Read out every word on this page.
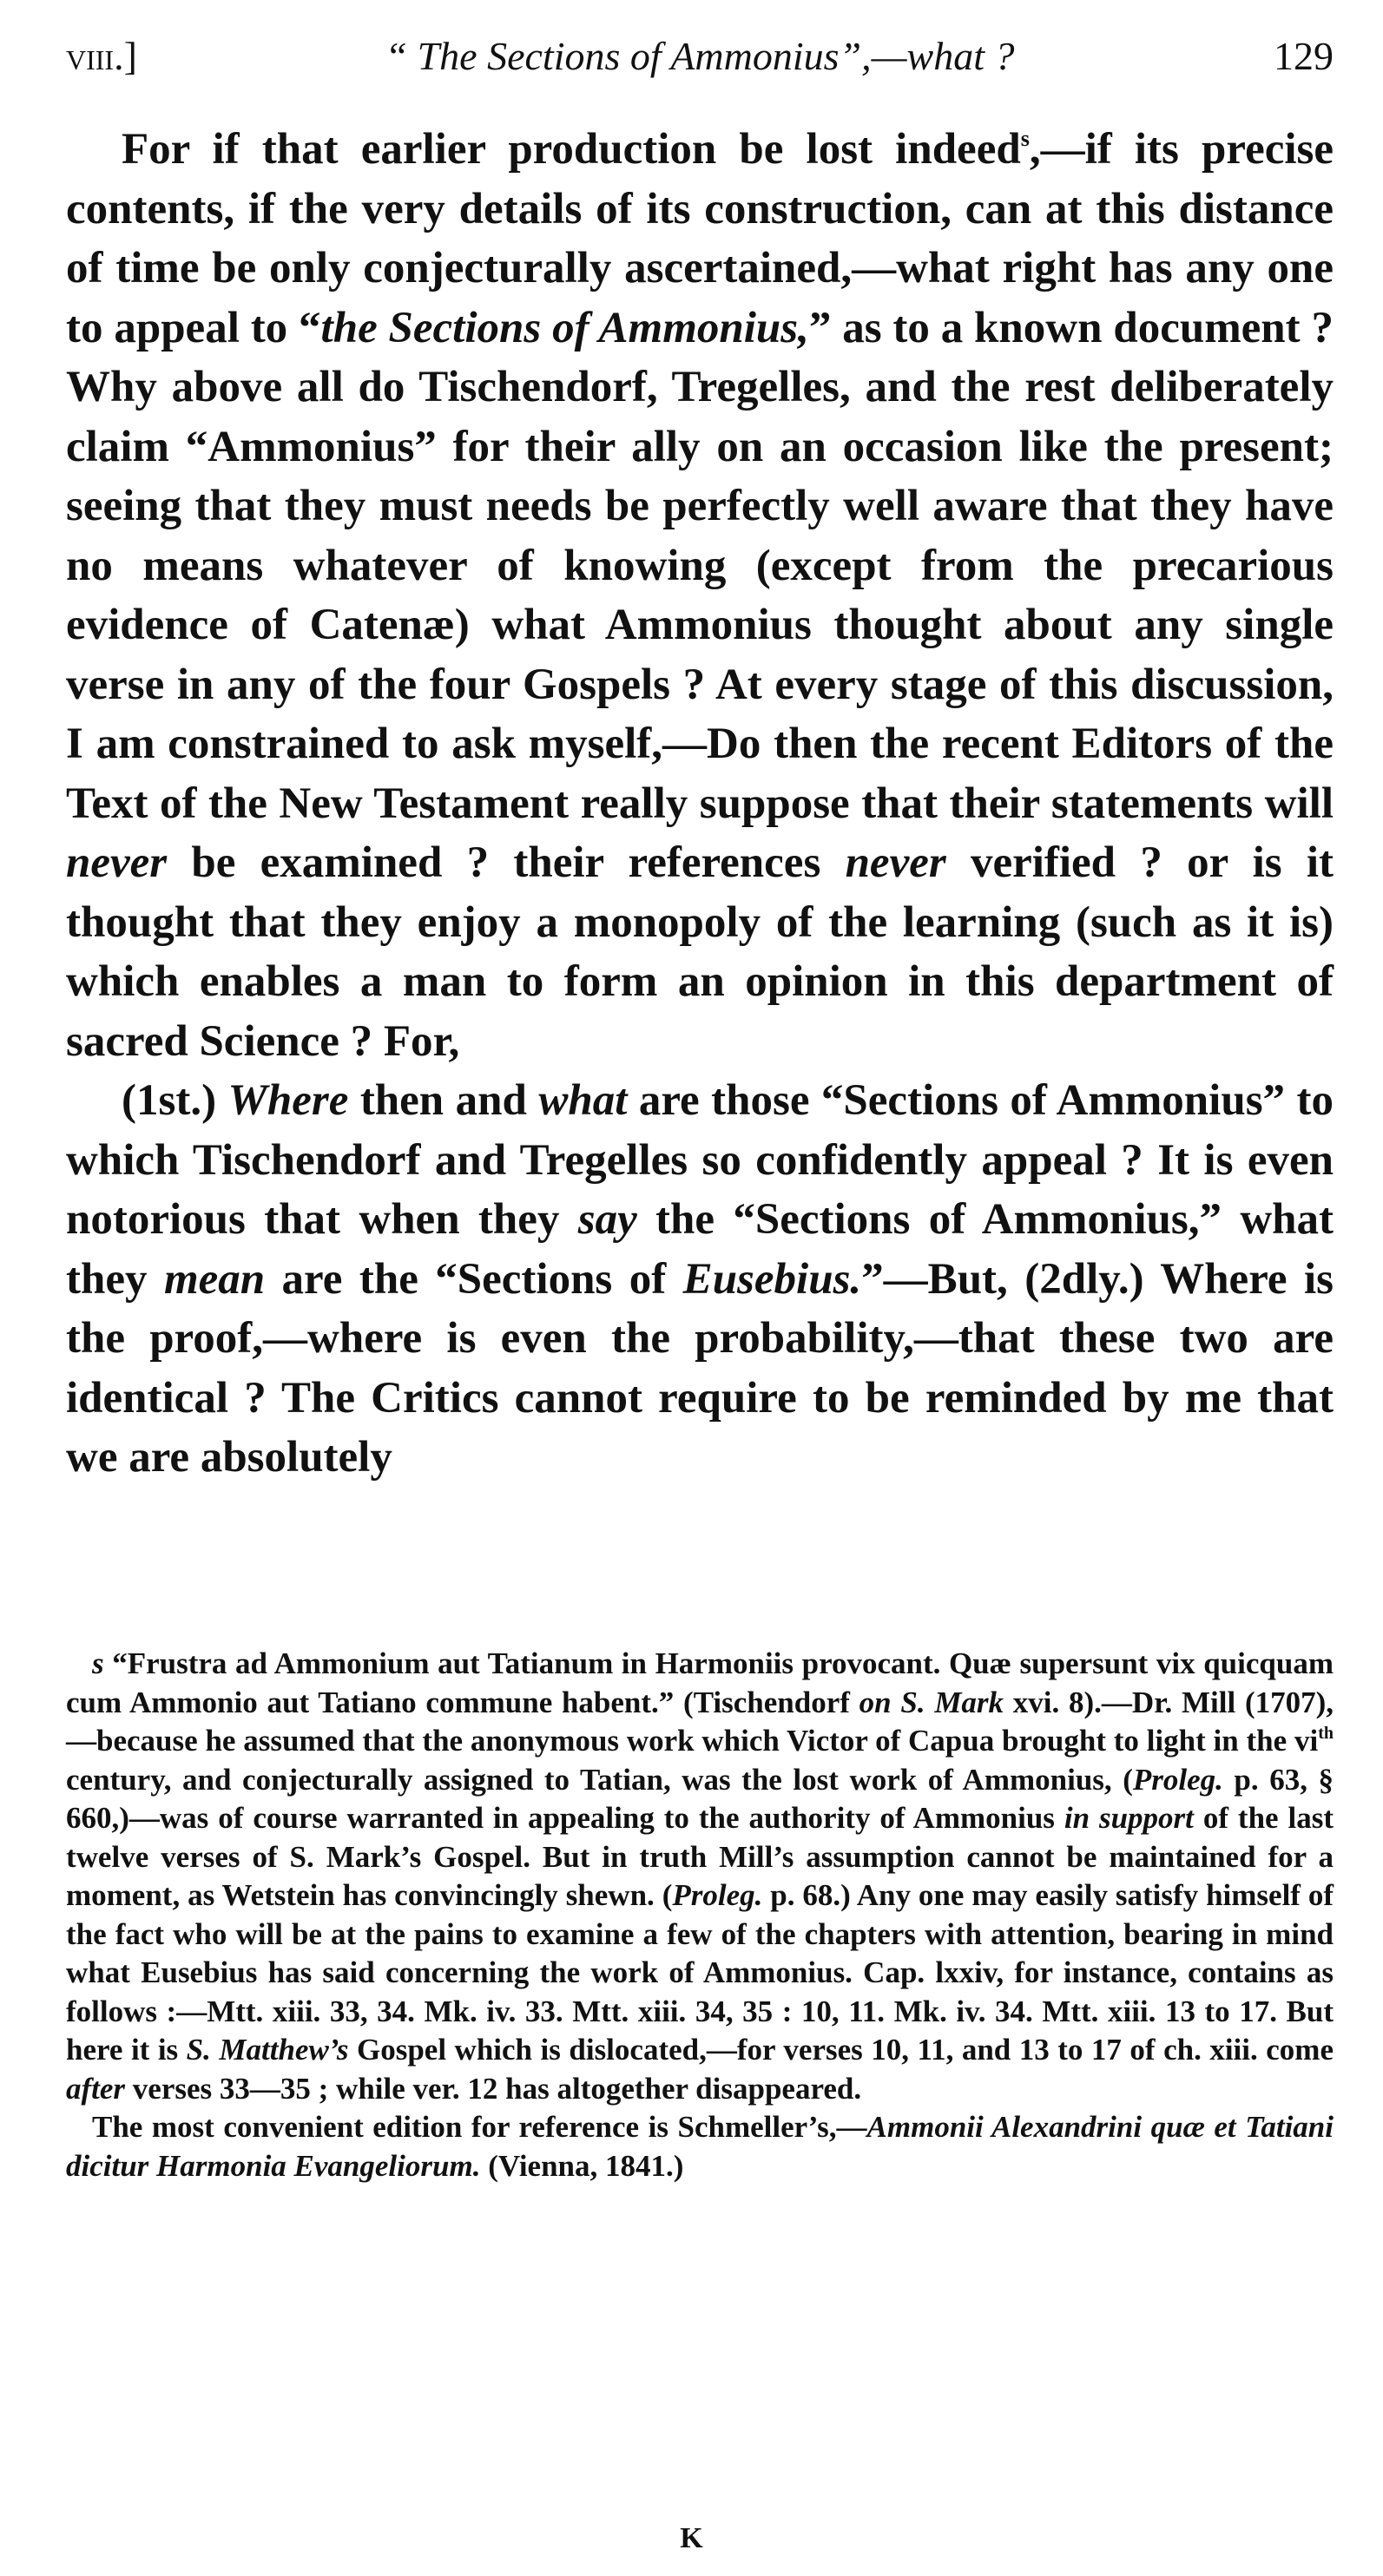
viii.]	“ The Sections of Ammonius”,—what ?	129

For if that earlier production be lost indeed$^s$,—if its precise contents, if the very details of its construction, can at this distance of time be only conjecturally ascertained,—what right has any one to appeal to “the Sections of Ammonius,” as to a known document ? Why above all do Tischendorf, Tregelles, and the rest deliberately claim “Ammonius” for their ally on an occasion like the present; seeing that they must needs be perfectly well aware that they have no means whatever of knowing (except from the precarious evidence of Catenæ) what Ammonius thought about any single verse in any of the four Gospels ? At every stage of this discussion, I am constrained to ask myself,—Do then the recent Editors of the Text of the New Testament really suppose that their statements will never be examined ? their references never verified ? or is it thought that they enjoy a monopoly of the learning (such as it is) which enables a man to form an opinion in this department of sacred Science ? For,

(1st.) Where then and what are those “Sections of Ammonius” to which Tischendorf and Tregelles so confidently appeal ? It is even notorious that when they say the “Sections of Ammonius,” what they mean are the “Sections of Eusebius.”—But, (2dly.) Where is the proof,—where is even the probability,—that these two are identical ? The Critics cannot require to be reminded by me that we are absolutely

s “Frustra ad Ammonium aut Tatianum in Harmoniis provocant. Quæ supersunt vix quicquam cum Ammonio aut Tatiano commune habent.” (Tischendorf on S. Mark xvi. 8).—Dr. Mill (1707),—because he assumed that the anonymous work which Victor of Capua brought to light in the $vi^{th}$ century, and conjecturally assigned to Tatian, was the lost work of Ammonius, (Proleg. p. 63, § 660,)—was of course warranted in appealing to the authority of Ammonius in support of the last twelve verses of S. Mark’s Gospel. But in truth Mill’s assumption cannot be maintained for a moment, as Wetstein has convincingly shewn. (Proleg. p. 68.) Any one may easily satisfy himself of the fact who will be at the pains to examine a few of the chapters with attention, bearing in mind what Eusebius has said concerning the work of Ammonius. Cap. lxxiv, for instance, contains as follows :—Mtt. xiii. 33, 34. Mk. iv. 33. Mtt. xiii. 34, 35 : 10, 11. Mk. iv. 34. Mtt. xiii. 13 to 17. But here it is S. Matthew’s Gospel which is dislocated,—for verses 10, 11, and 13 to 17 of ch. xiii. come after verses 33—35 ; while ver. 12 has altogether disappeared.

The most convenient edition for reference is Schmeller’s,—Ammonii Alexandrini quæ et Tatiani dicitur Harmonia Evangeliorum. (Vienna, 1841.)

K
